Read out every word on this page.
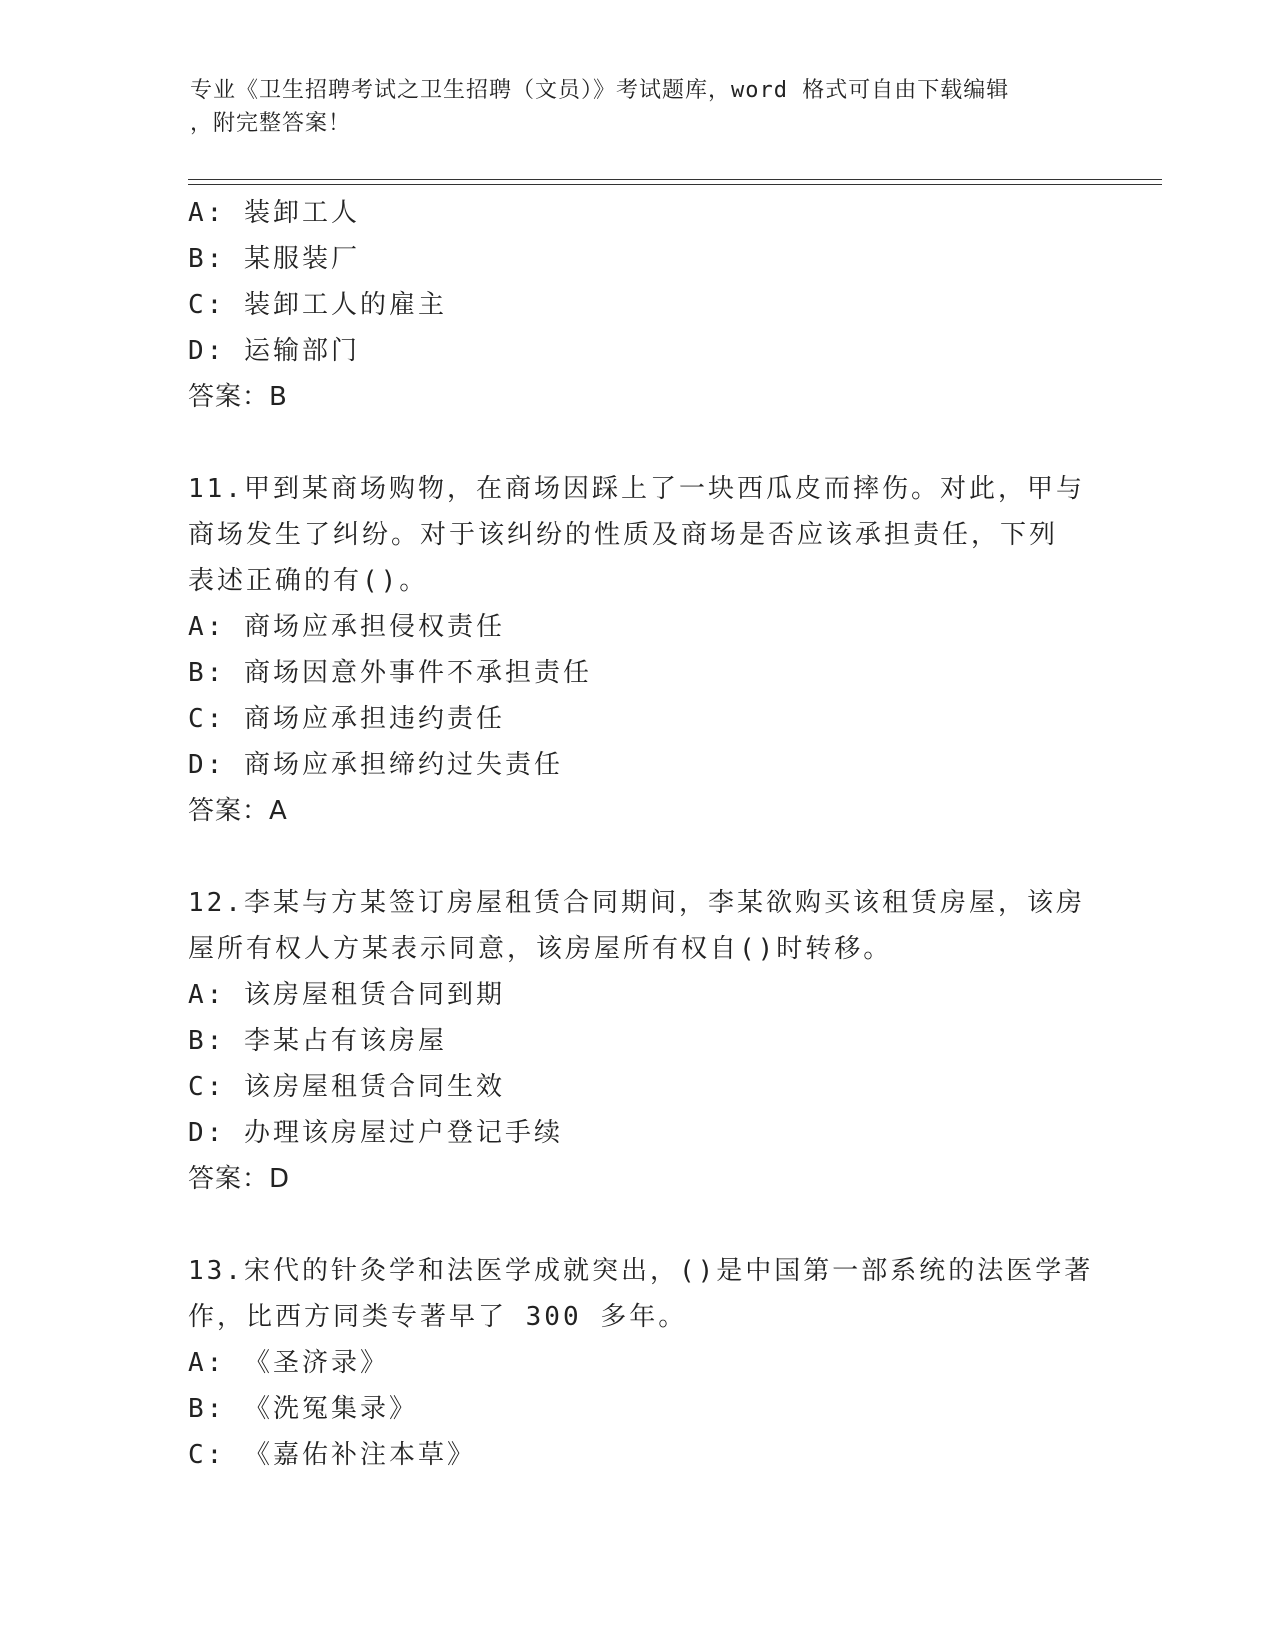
专业《卫生招聘考试之卫生招聘（文员）》考试题库，word 格式可自由下载编辑
，附完整答案！
A: 装卸工人
B: 某服装厂
C: 装卸工人的雇主
D: 运输部门
答案：B
11.甲到某商场购物，在商场因踩上了一块西瓜皮而摔伤。对此，甲与
商场发生了纠纷。对于该纠纷的性质及商场是否应该承担责任，下列
表述正确的有()。
A: 商场应承担侵权责任
B: 商场因意外事件不承担责任
C: 商场应承担违约责任
D: 商场应承担缔约过失责任
答案：A
12.李某与方某签订房屋租赁合同期间，李某欲购买该租赁房屋，该房
屋所有权人方某表示同意，该房屋所有权自()时转移。
A: 该房屋租赁合同到期
B: 李某占有该房屋
C: 该房屋租赁合同生效
D: 办理该房屋过户登记手续
答案：D
13.宋代的针灸学和法医学成就突出，()是中国第一部系统的法医学著
作，比西方同类专著早了 300 多年。
A: 《圣济录》
B: 《洗冤集录》
C: 《嘉佑补注本草》
